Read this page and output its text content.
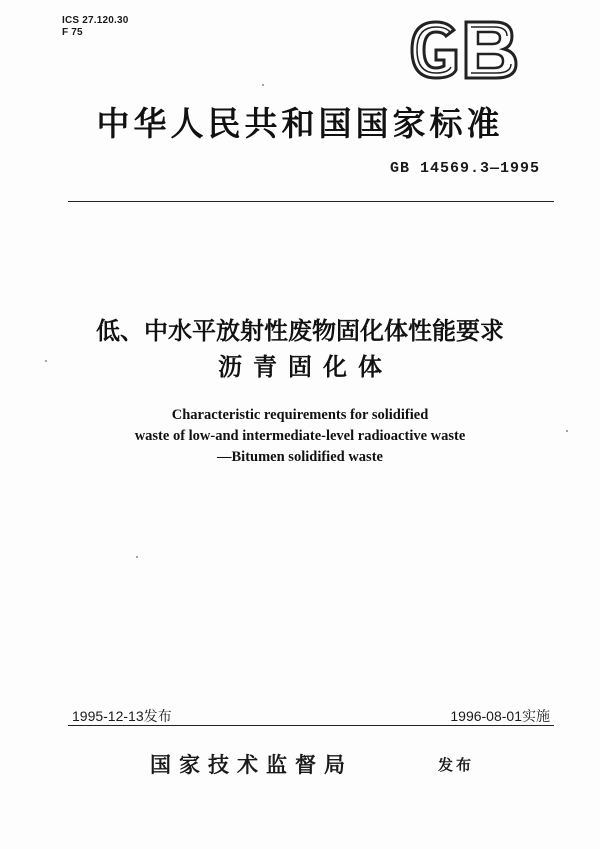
ICS 27.120.30
F 75
中华人民共和国国家标准
GB 14569.3—1995
低、中水平放射性废物固化体性能要求
沥青固化体
Characteristic requirements for solidified
waste of low-and intermediate-level radioactive waste
—Bitumen solidified waste
1995-12-13发布	1996-08-01实施
国家技术监督局	发布
